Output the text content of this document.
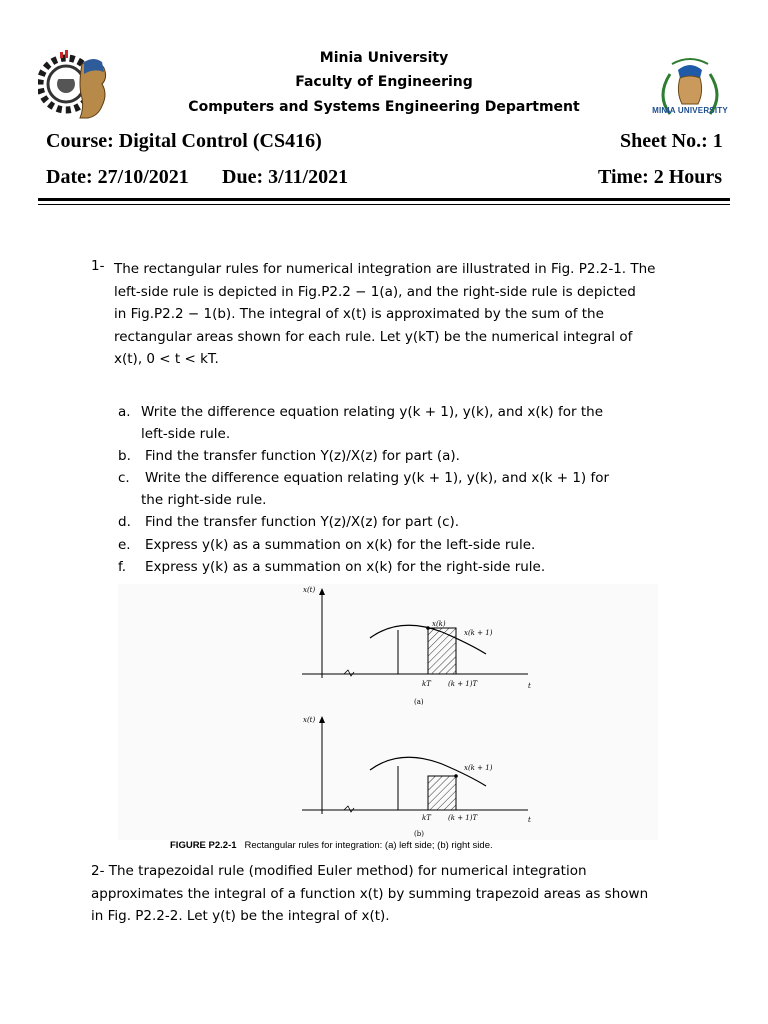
Minia University
Faculty of Engineering
Computers and Systems Engineering Department	MINIA UNIVERSITY
Course: Digital Control (CS416)	Sheet No.: 1
Date: 27/10/2021 Due: 3/11/2021	Time: 2 Hours
1- The rectangular rules for numerical integration are illustrated in Fig. P2.2-1. The
left-side rule is depicted in Fig.P2.2 − 1(a), and the right-side rule is depicted
in Fig.P2.2 − 1(b). The integral of x(t) is approximated by the sum of the
rectangular areas shown for each rule. Let y(kT) be the numerical integral of
x(t), 0 < t < kT.
a. Write the difference equation relating y(k + 1), y(k), and x(k) for the
left-side rule.
b. Find the transfer function Y(z)/X(z) for part (a).
c. Write the difference equation relating y(k + 1), y(k), and x(k + 1) for
the right-side rule.
d. Find the transfer function Y(z)/X(z) for part (c).
e. Express y(k) as a summation on x(k) for the left-side rule.
f. Express y(k) as a summation on x(k) for the right-side rule.
x(t)
x(k)
x(k + 1)
kT (k + 1)T	t
(a)
x(t)
x(k + 1)
kT (k + 1)T	t
(b)
FIGURE P2.2-1 Rectangular rules for integration: (a) left side; (b) right side.
2- The trapezoidal rule (modified Euler method) for numerical integration
approximates the integral of a function x(t) by summing trapezoid areas as shown
in Fig. P2.2-2. Let y(t) be the integral of x(t).
